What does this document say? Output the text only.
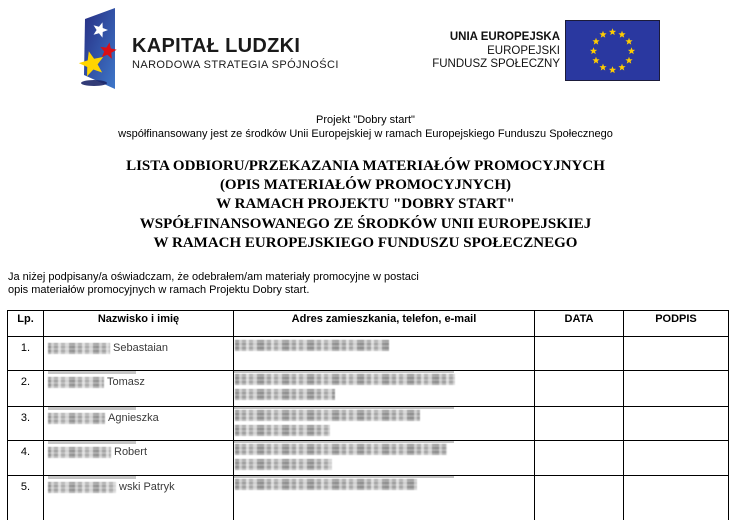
KAPITAŁ LUDZKI
NARODOWA STRATEGIA SPÓJNOŚCI
UNIA EUROPEJSKA
EUROPEJSKI
FUNDUSZ SPOŁECZNY
Projekt "Dobry start"
współfinansowany jest ze środków Unii Europejskiej w ramach Europejskiego Funduszu Społecznego
LISTA ODBIORU/PRZEKAZANIA MATERIAŁÓW PROMOCYJNYCH
(OPIS MATERIAŁÓW PROMOCYJNYCH)
W RAMACH PROJEKTU "DOBRY START"
WSPÓŁFINANSOWANEGO ZE ŚRODKÓW UNII EUROPEJSKIEJ
W RAMACH EUROPEJSKIEGO FUNDUSZU SPOŁECZNEGO
Ja niżej podpisany/a oświadczam, że odebrałem/am materiały promocyjne w postaci
opis materiałów promocyjnych w ramach Projektu Dobry start.
Lp.	Nazwisko i imię	Adres zamieszkania, telefon, e-mail	DATA	PODPIS
1.	Sebastaian	

2.	Tomasz	

3.	Agnieszka	

4.	Robert	

5.	wski Patryk	
